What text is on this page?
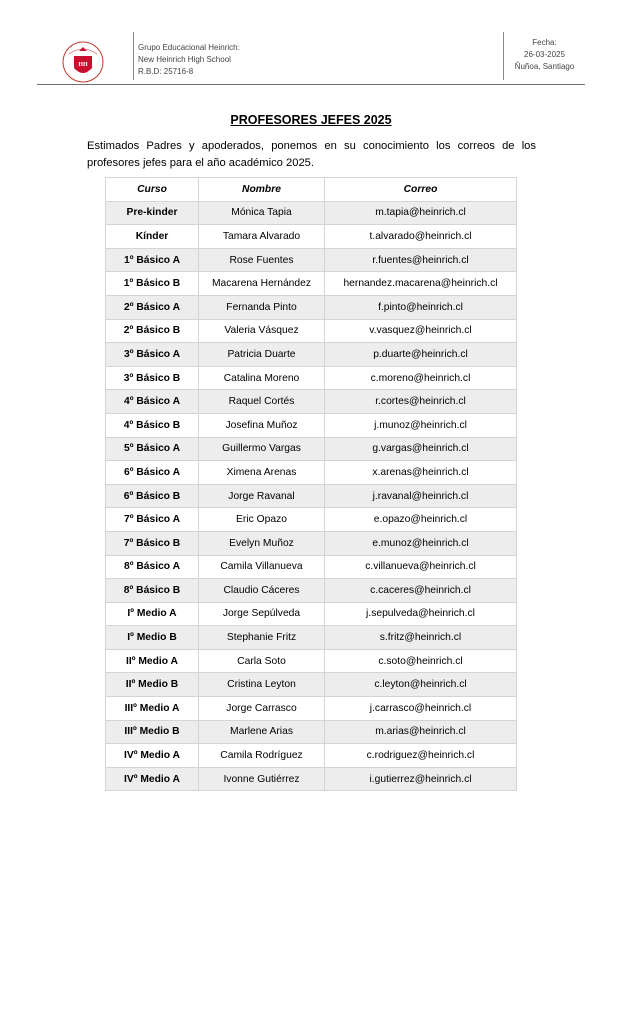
HH
Grupo Educacional Heinrich:
New Heinrich High School
R.B.D: 25716-8
Fecha:
26-03-2025
Ñuñoa, Santiago
PROFESORES JEFES 2025
Estimados Padres y apoderados, ponemos en su conocimiento los correos de los profesores jefes para el año académico 2025.
Curso	Nombre	Correo
Pre-kinder	Mónica Tapia	m.tapia@heinrich.cl
Kínder	Tamara Alvarado	t.alvarado@heinrich.cl
1º Básico A	Rose Fuentes	r.fuentes@heinrich.cl
1º Básico B	Macarena Hernández	hernandez.macarena@heinrich.cl
2º Básico A	Fernanda Pinto	f.pinto@heinrich.cl
2º Básico B	Valeria Vásquez	v.vasquez@heinrich.cl
3º Básico A	Patricia Duarte	p.duarte@heinrich.cl
3º Básico B	Catalina Moreno	c.moreno@heinrich.cl
4º Básico A	Raquel Cortés	r.cortes@heinrich.cl
4º Básico B	Josefina Muñoz	j.munoz@heinrich.cl
5º Básico A	Guillermo Vargas	g.vargas@heinrich.cl
6º Básico A	Ximena Arenas	x.arenas@heinrich.cl
6º Básico B	Jorge Ravanal	j.ravanal@heinrich.cl
7º Básico A	Eric Opazo	e.opazo@heinrich.cl
7º Básico B	Evelyn Muñoz	e.munoz@heinrich.cl
8º Básico A	Camila Villanueva	c.villanueva@heinrich.cl
8º Básico B	Claudio Cáceres	c.caceres@heinrich.cl
Iº Medio A	Jorge Sepúlveda	j.sepulveda@heinrich.cl
Iº Medio B	Stephanie Fritz	s.fritz@heinrich.cl
IIº Medio A	Carla Soto	c.soto@heinrich.cl
IIº Medio B	Cristina Leyton	c.leyton@heinrich.cl
IIIº Medio A	Jorge Carrasco	j.carrasco@heinrich.cl
IIIº Medio B	Marlene Arias	m.arias@heinrich.cl
IVº Medio A	Camila Rodríguez	c.rodriguez@heinrich.cl
IVº Medio A	Ivonne Gutiérrez	i.gutierrez@heinrich.cl
